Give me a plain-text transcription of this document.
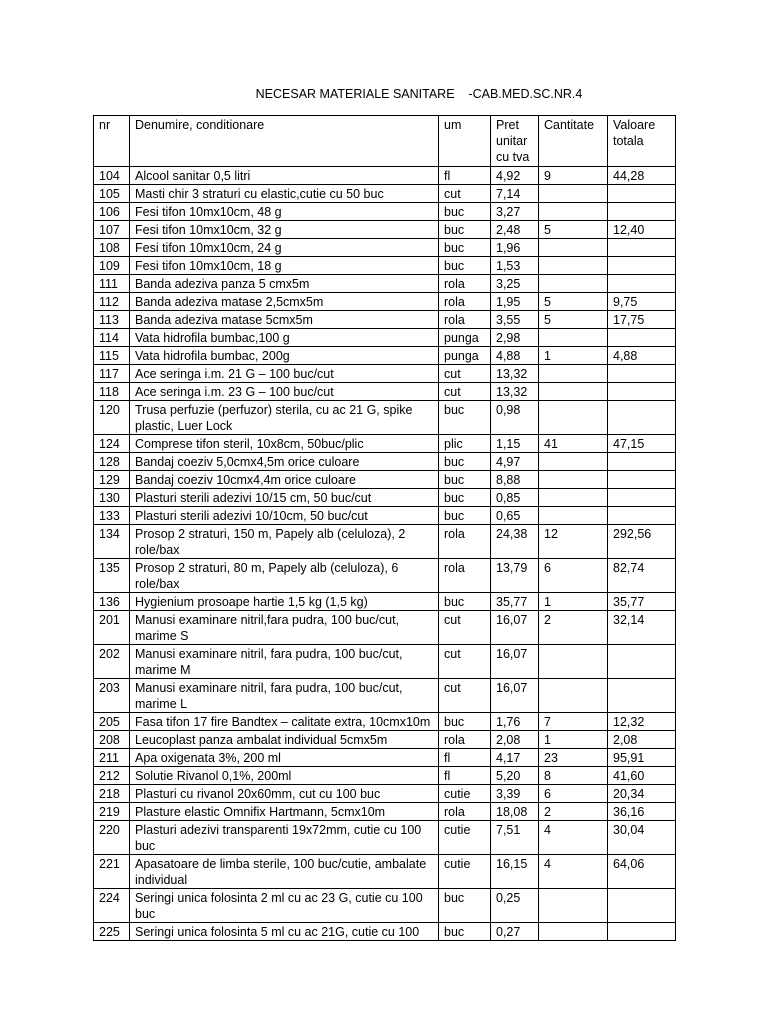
NECESAR MATERIALE SANITARE    -CAB.MED.SC.NR.4
nr	Denumire, conditionare	um	Pret unitar cu tva	Cantitate	Valoare totala
104	Alcool sanitar 0,5 litri	fl	4,92	9	44,28
105	Masti chir 3 straturi cu elastic,cutie cu 50 buc	cut	7,14		
106	Fesi tifon 10mx10cm, 48 g	buc	3,27		
107	Fesi tifon 10mx10cm, 32 g	buc	2,48	5	12,40
108	Fesi tifon 10mx10cm, 24 g	buc	1,96		
109	Fesi tifon 10mx10cm, 18 g	buc	1,53		
111	Banda adeziva panza 5 cmx5m	rola	3,25		
112	Banda adeziva matase 2,5cmx5m	rola	1,95	5	9,75
113	Banda adeziva matase 5cmx5m	rola	3,55	5	17,75
114	Vata hidrofila bumbac,100 g	punga	2,98		
115	Vata hidrofila bumbac, 200g	punga	4,88	1	4,88
117	Ace seringa i.m. 21 G – 100 buc/cut	cut	13,32		
118	Ace seringa i.m. 23 G – 100 buc/cut	cut	13,32		
120	Trusa perfuzie (perfuzor) sterila, cu ac 21 G, spike plastic, Luer Lock	buc	0,98		
124	Comprese tifon steril, 10x8cm, 50buc/plic	plic	1,15	41	47,15
128	Bandaj coeziv 5,0cmx4,5m orice culoare	buc	4,97		
129	Bandaj coeziv 10cmx4,4m orice culoare	buc	8,88		
130	Plasturi sterili adezivi 10/15 cm, 50 buc/cut	buc	0,85		
133	Plasturi sterili adezivi 10/10cm, 50 buc/cut	buc	0,65		
134	Prosop 2 straturi, 150 m, Papely alb (celuloza), 2 role/bax	rola	24,38	12	292,56
135	Prosop 2 straturi, 80 m, Papely alb (celuloza), 6 role/bax	rola	13,79	6	82,74
136	Hygienium prosoape hartie 1,5 kg (1,5 kg)	buc	35,77	1	35,77
201	Manusi examinare nitril,fara pudra, 100 buc/cut, marime S	cut	16,07	2	32,14
202	Manusi examinare nitril, fara pudra, 100 buc/cut, marime M	cut	16,07		
203	Manusi examinare nitril, fara pudra, 100 buc/cut, marime L	cut	16,07		
205	Fasa tifon 17 fire Bandtex – calitate extra, 10cmx10m	buc	1,76	7	12,32
208	Leucoplast panza ambalat individual 5cmx5m	rola	2,08	1	2,08
211	Apa oxigenata 3%, 200 ml	fl	4,17	23	95,91
212	Solutie Rivanol 0,1%, 200ml	fl	5,20	8	41,60
218	Plasturi cu rivanol 20x60mm, cut cu 100 buc	cutie	3,39	6	20,34
219	Plasture elastic Omnifix Hartmann, 5cmx10m	rola	18,08	2	36,16
220	Plasturi adezivi transparenti 19x72mm, cutie cu 100 buc	cutie	7,51	4	30,04
221	Apasatoare de limba sterile, 100 buc/cutie, ambalate individual	cutie	16,15	4	64,06
224	Seringi unica folosinta 2 ml cu ac 23 G, cutie cu 100 buc	buc	0,25		
225	Seringi unica folosinta 5 ml cu ac 21G, cutie cu 100	buc	0,27		
